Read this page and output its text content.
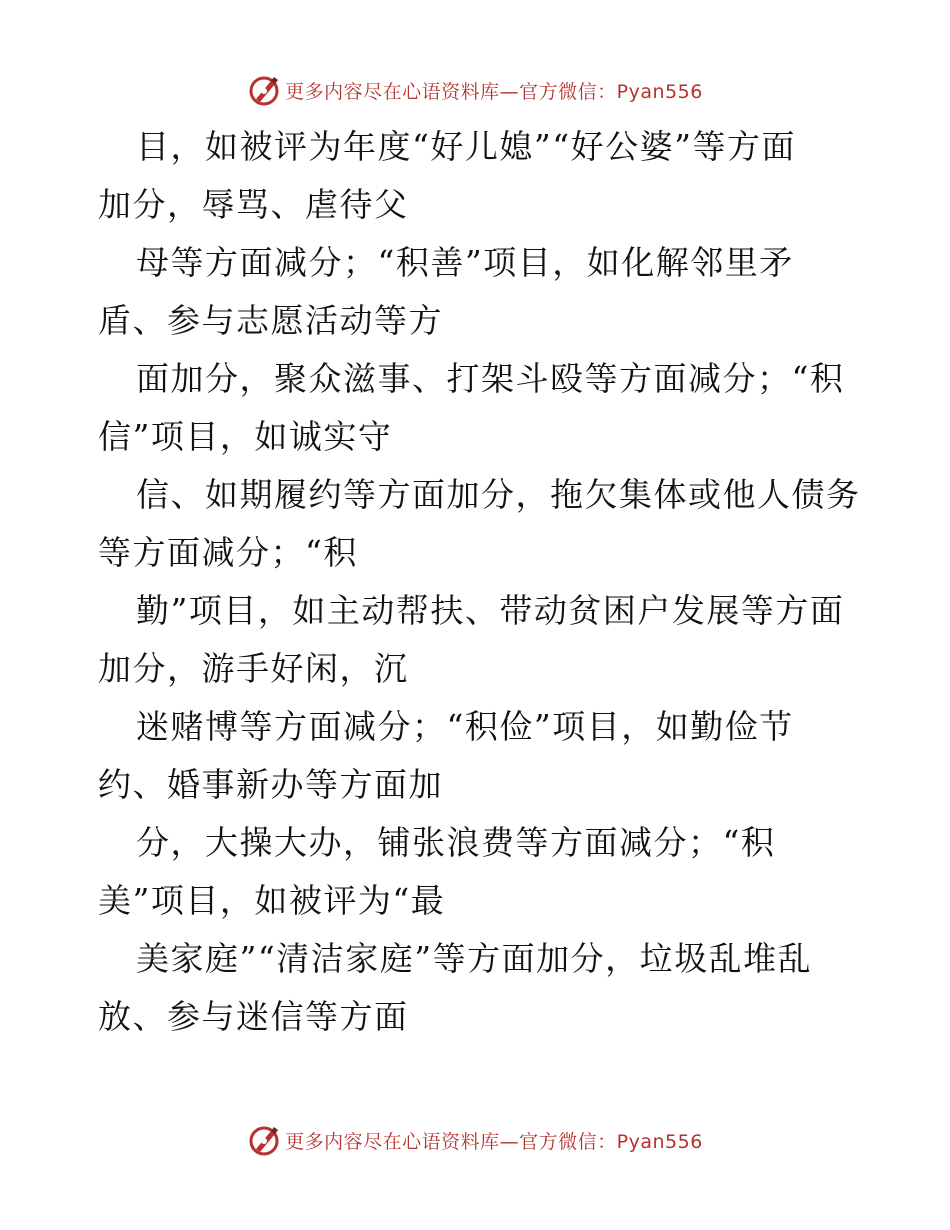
更多内容尽在心语资料库—官方微信：Pyan556

目，如被评为年度“好儿媳”“好公婆”等方面
加分，辱骂、虐待父

母等方面减分；“积善”项目，如化解邻里矛
盾、参与志愿活动等方

面加分，聚众滋事、打架斗殴等方面减分；“积
信”项目，如诚实守

信、如期履约等方面加分，拖欠集体或他人债务
等方面减分；“积

勤”项目，如主动帮扶、带动贫困户发展等方面
加分，游手好闲，沉

迷赌博等方面减分；“积俭”项目，如勤俭节
约、婚事新办等方面加

分，大操大办，铺张浪费等方面减分；“积
美”项目，如被评为“最

美家庭”“清洁家庭”等方面加分，垃圾乱堆乱
放、参与迷信等方面

更多内容尽在心语资料库—官方微信：Pyan556
